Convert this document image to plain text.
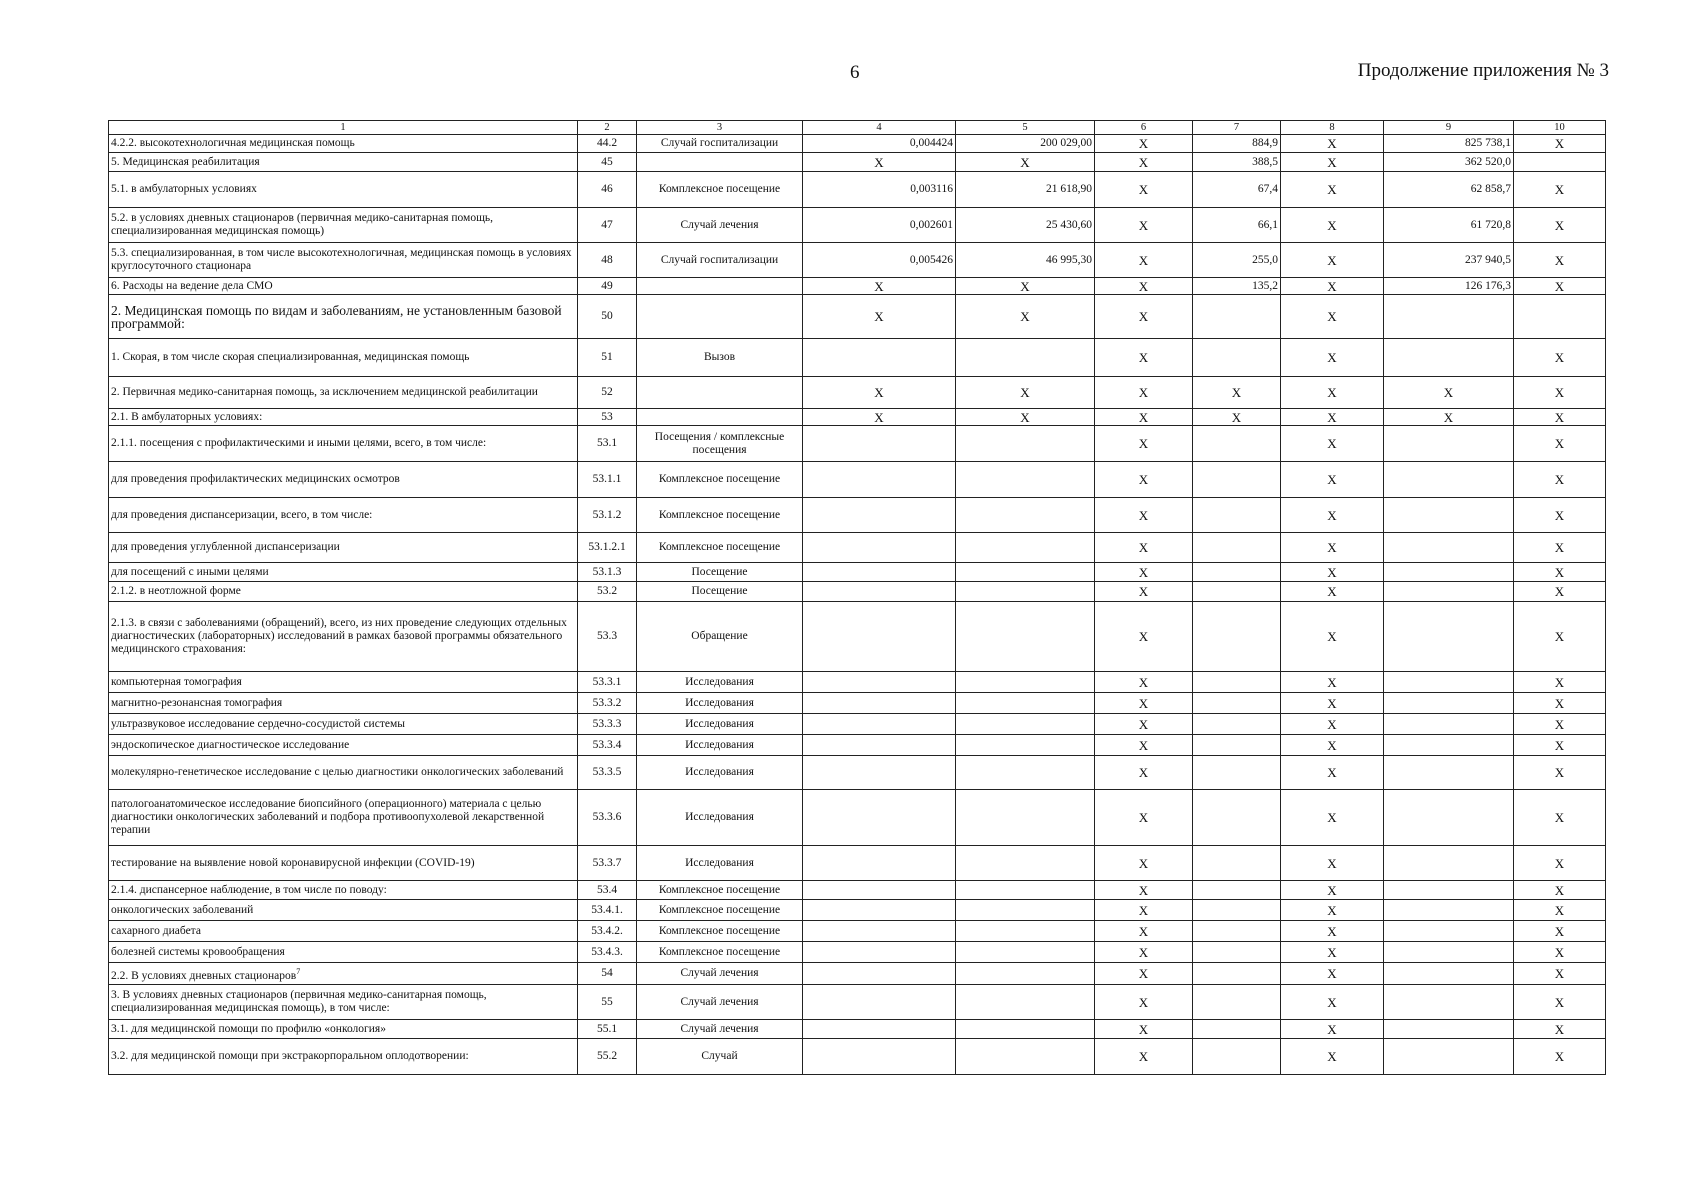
6	Продолжение приложения № 3
1	2	3	4	5	6	7	8	9	10
4.2.2. высокотехнологичная медицинская помощь	44.2	Случай госпитализации	0,004424	200 029,00	X	884,9	X	825 738,1	X
5. Медицинская реабилитация	45		X	X	X	388,5	X	362 520,0	
5.1. в амбулаторных условиях	46	Комплексное посещение	0,003116	21 618,90	X	67,4	X	62 858,7	X
5.2. в условиях дневных стационаров (первичная медико-санитарная помощь, специализированная медицинская помощь)	47	Случай лечения	0,002601	25 430,60	X	66,1	X	61 720,8	X
5.3. специализированная, в том числе высокотехнологичная, медицинская помощь в условиях круглосуточного стационара	48	Случай госпитализации	0,005426	46 995,30	X	255,0	X	237 940,5	X
6. Расходы на ведение дела СМО	49		X	X	X	135,2	X	126 176,3	X
2. Медицинская помощь по видам и заболеваниям, не установленным базовой программой:	50		X	X	X		X		
1. Скорая, в том числе скорая специализированная, медицинская помощь	51	Вызов			X		X		X
2. Первичная медико-санитарная помощь, за исключением медицинской реабилитации	52		X	X	X	X	X	X	X
2.1. В амбулаторных условиях:	53		X	X	X	X	X	X	X
2.1.1. посещения с профилактическими и иными целями, всего, в том числе:	53.1	Посещения / комплексные посещения			X		X		X
для проведения профилактических медицинских осмотров	53.1.1	Комплексное посещение			X		X		X
для проведения диспансеризации, всего, в том числе:	53.1.2	Комплексное посещение			X		X		X
для проведения углубленной диспансеризации	53.1.2.1	Комплексное посещение			X		X		X
для посещений с иными целями	53.1.3	Посещение			X		X		X
2.1.2. в неотложной форме	53.2	Посещение			X		X		X
2.1.3. в связи с заболеваниями (обращений), всего, из них проведение следующих отдельных диагностических (лабораторных) исследований в рамках базовой программы обязательного медицинского страхования:	53.3	Обращение			X		X		X
компьютерная томография	53.3.1	Исследования			X		X		X
магнитно-резонансная томография	53.3.2	Исследования			X		X		X
ультразвуковое исследование сердечно-сосудистой системы	53.3.3	Исследования			X		X		X
эндоскопическое диагностическое исследование	53.3.4	Исследования			X		X		X
молекулярно-генетическое исследование с целью диагностики онкологических заболеваний	53.3.5	Исследования			X		X		X
патологоанатомическое исследование биопсийного (операционного) материала с целью диагностики онкологических заболеваний и подбора противоопухолевой лекарственной терапии	53.3.6	Исследования			X		X		X
тестирование на выявление новой коронавирусной инфекции (COVID-19)	53.3.7	Исследования			X		X		X
2.1.4. диспансерное наблюдение, в том числе по поводу:	53.4	Комплексное посещение			X		X		X
онкологических заболеваний	53.4.1.	Комплексное посещение			X		X		X
сахарного диабета	53.4.2.	Комплексное посещение			X		X		X
болезней системы кровообращения	53.4.3.	Комплексное посещение			X		X		X
2.2. В условиях дневных стационаров$^7$	54	Случай лечения			X		X		X
3. В условиях дневных стационаров (первичная медико-санитарная помощь, специализированная медицинская помощь), в том числе:	55	Случай лечения			X		X		X
3.1. для медицинской помощи по профилю «онкология»	55.1	Случай лечения			X		X		X
3.2. для медицинской помощи при экстракорпоральном оплодотворении:	55.2	Случай			X		X		X
